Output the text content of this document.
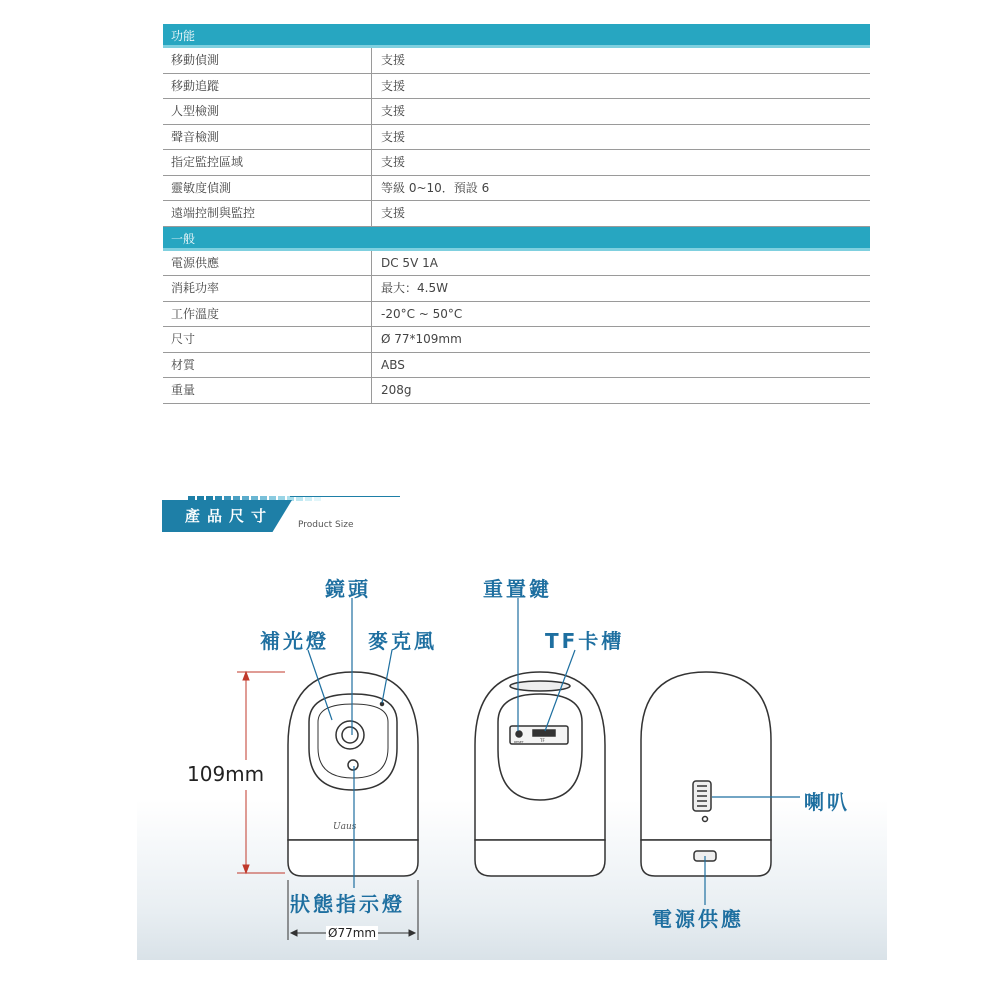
功能
移動偵測	支援
移動追蹤	支援
人型檢測	支援
聲音檢測	支援
指定監控區域	支援
靈敏度偵測	等級 0~10．預設 6
遠端控制與監控	支援
一般
電源供應	DC 5V 1A
消耗功率	最大：4.5W
工作溫度	-20°C ~ 50°C
尺寸	Ø 77*109mm
材質	ABS
重量	208g
產品尺寸	Product Size
Uaus
RESET	TF
鏡頭	重置鍵
補光燈 麥克風	TF卡槽
喇叭
狀態指示燈
電源供應
109mm
Ø77mm
